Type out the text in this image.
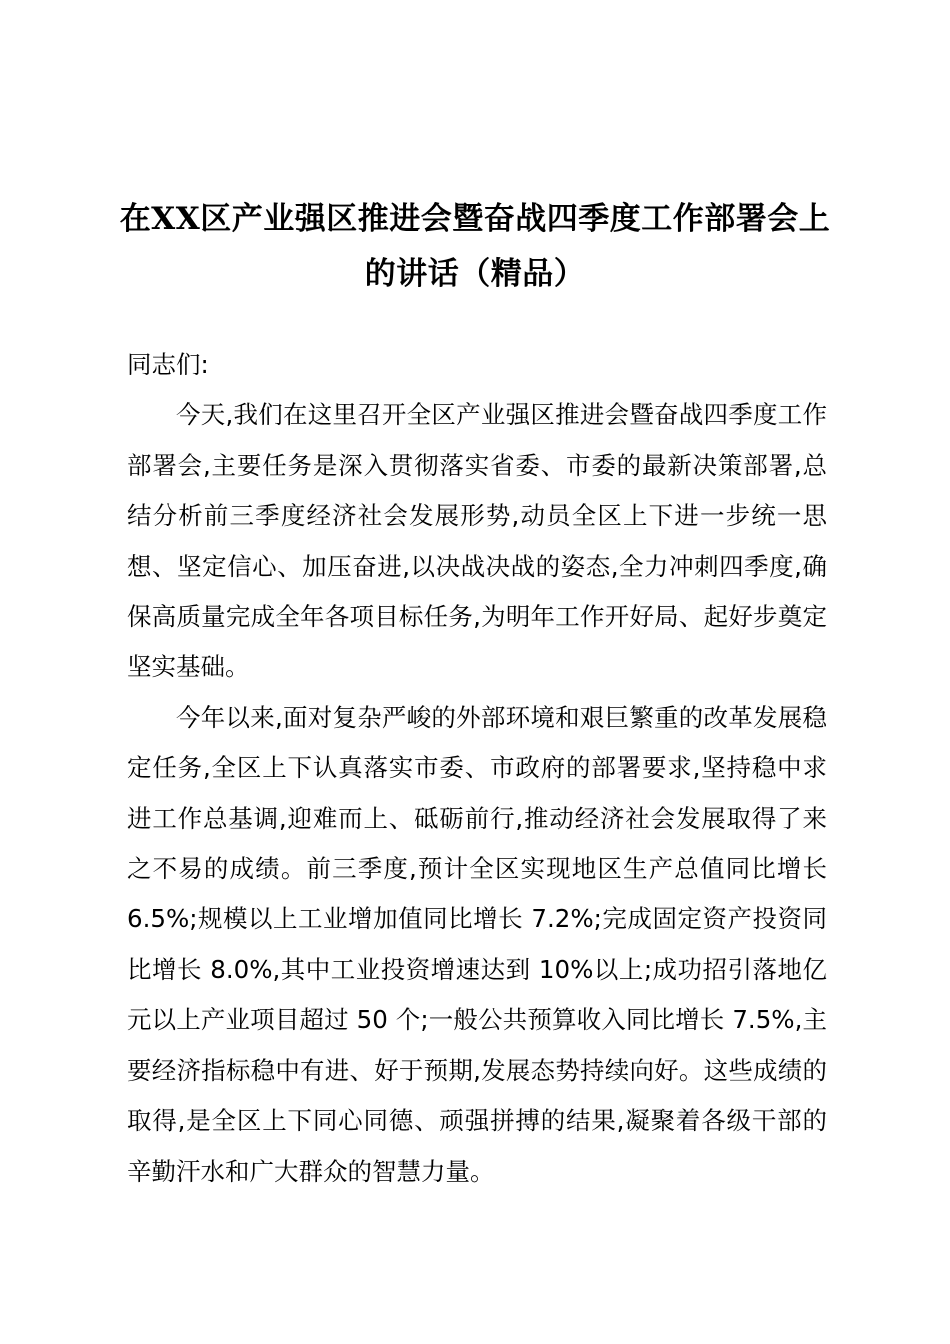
在XX区产业强区推进会暨奋战四季度工作部署会上的讲话（精品）

同志们:

今天,我们在这里召开全区产业强区推进会暨奋战四季度工作部署会,主要任务是深入贯彻落实省委、市委的最新决策部署,总结分析前三季度经济社会发展形势,动员全区上下进一步统一思想、坚定信心、加压奋进,以决战决战的姿态,全力冲刺四季度,确保高质量完成全年各项目标任务,为明年工作开好局、起好步奠定坚实基础。

今年以来,面对复杂严峻的外部环境和艰巨繁重的改革发展稳定任务,全区上下认真落实市委、市政府的部署要求,坚持稳中求进工作总基调,迎难而上、砥砺前行,推动经济社会发展取得了来之不易的成绩。前三季度,预计全区实现地区生产总值同比增长 6.5%;规模以上工业增加值同比增长 7.2%;完成固定资产投资同比增长 8.0%,其中工业投资增速达到 10%以上;成功招引落地亿元以上产业项目超过 50 个;一般公共预算收入同比增长 7.5%,主要经济指标稳中有进、好于预期,发展态势持续向好。这些成绩的取得,是全区上下同心同德、顽强拼搏的结果,凝聚着各级干部的辛勤汗水和广大群众的智慧力量。
